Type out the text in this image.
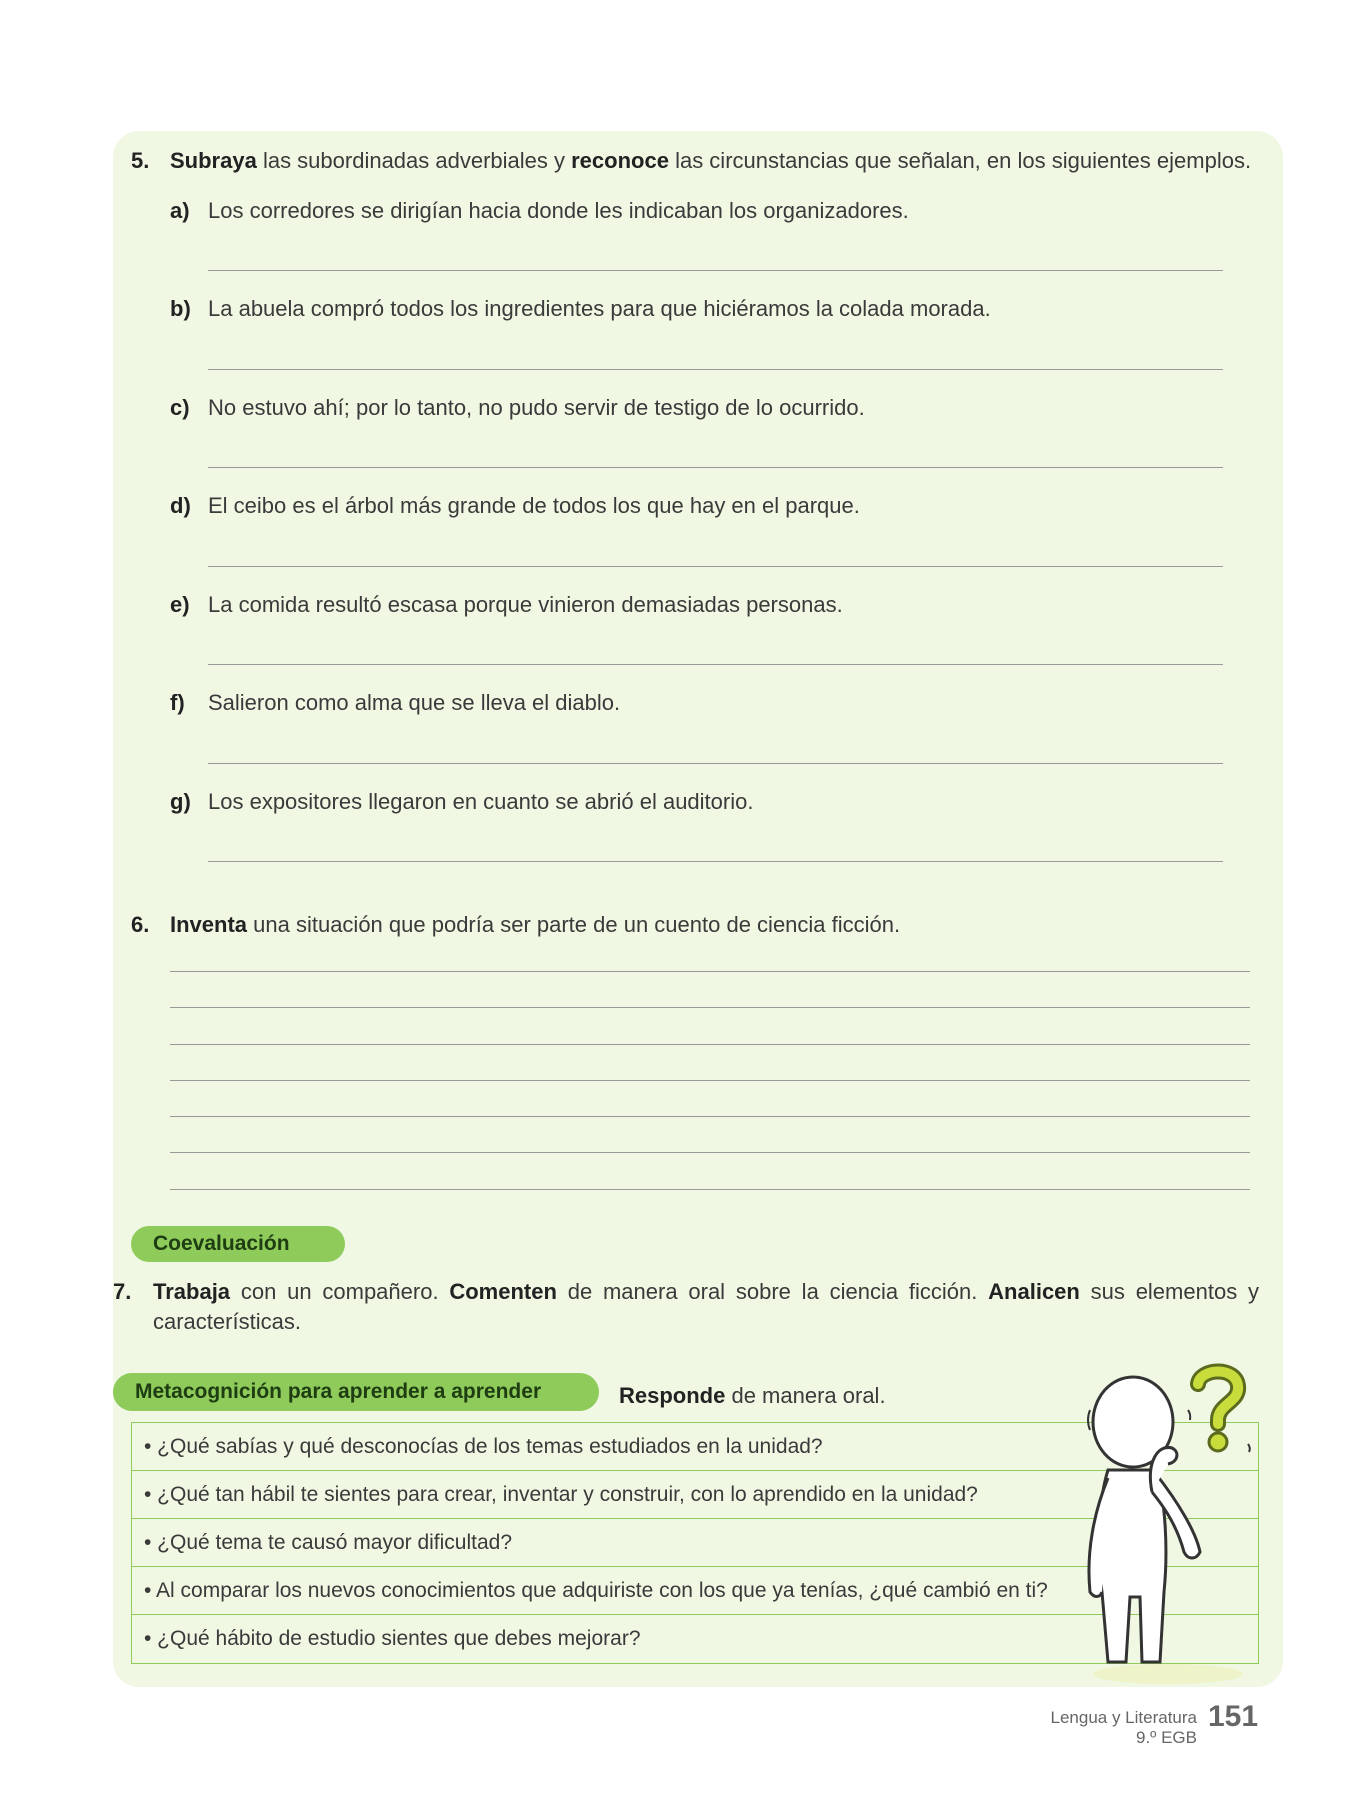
5. Subraya las subordinadas adverbiales y reconoce las circunstancias que señalan, en los siguientes ejemplos.
a) Los corredores se dirigían hacia donde les indicaban los organizadores.
b) La abuela compró todos los ingredientes para que hiciéramos la colada morada.
c) No estuvo ahí; por lo tanto, no pudo servir de testigo de lo ocurrido.
d) El ceibo es el árbol más grande de todos los que hay en el parque.
e) La comida resultó escasa porque vinieron demasiadas personas.
f) Salieron como alma que se lleva el diablo.
g) Los expositores llegaron en cuanto se abrió el auditorio.
6. Inventa una situación que podría ser parte de un cuento de ciencia ficción.
Coevaluación
7. Trabaja con un compañero. Comenten de manera oral sobre la ciencia ficción. Analicen sus elementos y características.
Metacognición para aprender a aprender	Responde de manera oral.
• ¿Qué sabías y qué desconocías de los temas estudiados en la unidad?
• ¿Qué tan hábil te sientes para crear, inventar y construir, con lo aprendido en la unidad?
• ¿Qué tema te causó mayor dificultad?
• Al comparar los nuevos conocimientos que adquiriste con los que ya tenías, ¿qué cambió en ti?
• ¿Qué hábito de estudio sientes que debes mejorar?
Lengua y Literatura
9.º EGB
151
